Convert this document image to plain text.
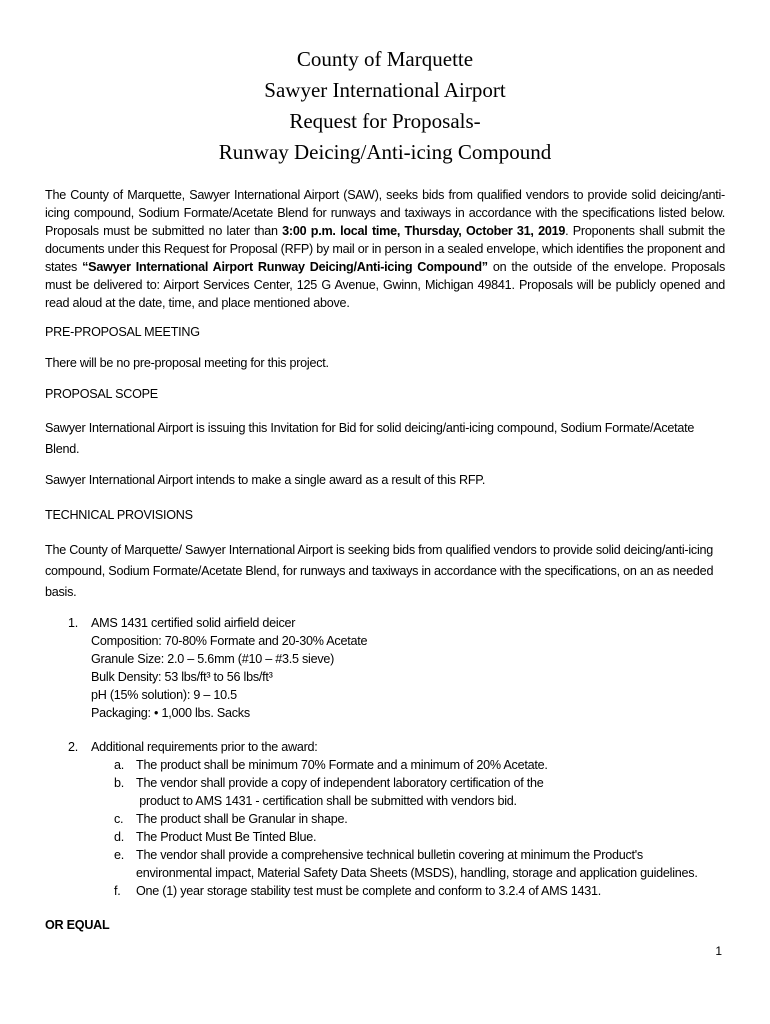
County of Marquette
Sawyer International Airport
Request for Proposals-
Runway Deicing/Anti-icing Compound

The County of Marquette, Sawyer International Airport (SAW), seeks bids from qualified vendors to provide solid deicing/anti-icing compound, Sodium Formate/Acetate Blend for runways and taxiways in accordance with the specifications listed below. Proposals must be submitted no later than 3:00 p.m. local time, Thursday, October 31, 2019. Proponents shall submit the documents under this Request for Proposal (RFP) by mail or in person in a sealed envelope, which identifies the proponent and states “Sawyer International Airport Runway Deicing/Anti-icing Compound” on the outside of the envelope. Proposals must be delivered to: Airport Services Center, 125 G Avenue, Gwinn, Michigan 49841. Proposals will be publicly opened and read aloud at the date, time, and place mentioned above.

PRE-PROPOSAL MEETING
There will be no pre-proposal meeting for this project.
PROPOSAL SCOPE

Sawyer International Airport is issuing this Invitation for Bid for solid deicing/anti-icing compound, Sodium Formate/Acetate Blend.

Sawyer International Airport intends to make a single award as a result of this RFP.
TECHNICAL PROVISIONS

The County of Marquette/ Sawyer International Airport is seeking bids from qualified vendors to provide solid deicing/anti-icing compound, Sodium Formate/Acetate Blend, for runways and taxiways in accordance with the specifications, on an as needed basis.

1. AMS 1431 certified solid airfield deicer
Composition: 70-80% Formate and 20-30% Acetate
Granule Size: 2.0 – 5.6mm (#10 – #3.5 sieve)
Bulk Density: 53 lbs/ft³ to 56 lbs/ft³
pH (15% solution): 9 – 10.5
Packaging: • 1,000 lbs. Sacks
2. Additional requirements prior to the award:
a. The product shall be minimum 70% Formate and a minimum of 20% Acetate.
b. The vendor shall provide a copy of independent laboratory certification of the
product to AMS 1431 - certification shall be submitted with vendors bid.
c. The product shall be Granular in shape.
d. The Product Must Be Tinted Blue.
e. The vendor shall provide a comprehensive technical bulletin covering at minimum the Product's
environmental impact, Material Safety Data Sheets (MSDS), handling, storage and application guidelines.
f. One (1) year storage stability test must be complete and conform to 3.2.4 of AMS 1431.
OR EQUAL
1
